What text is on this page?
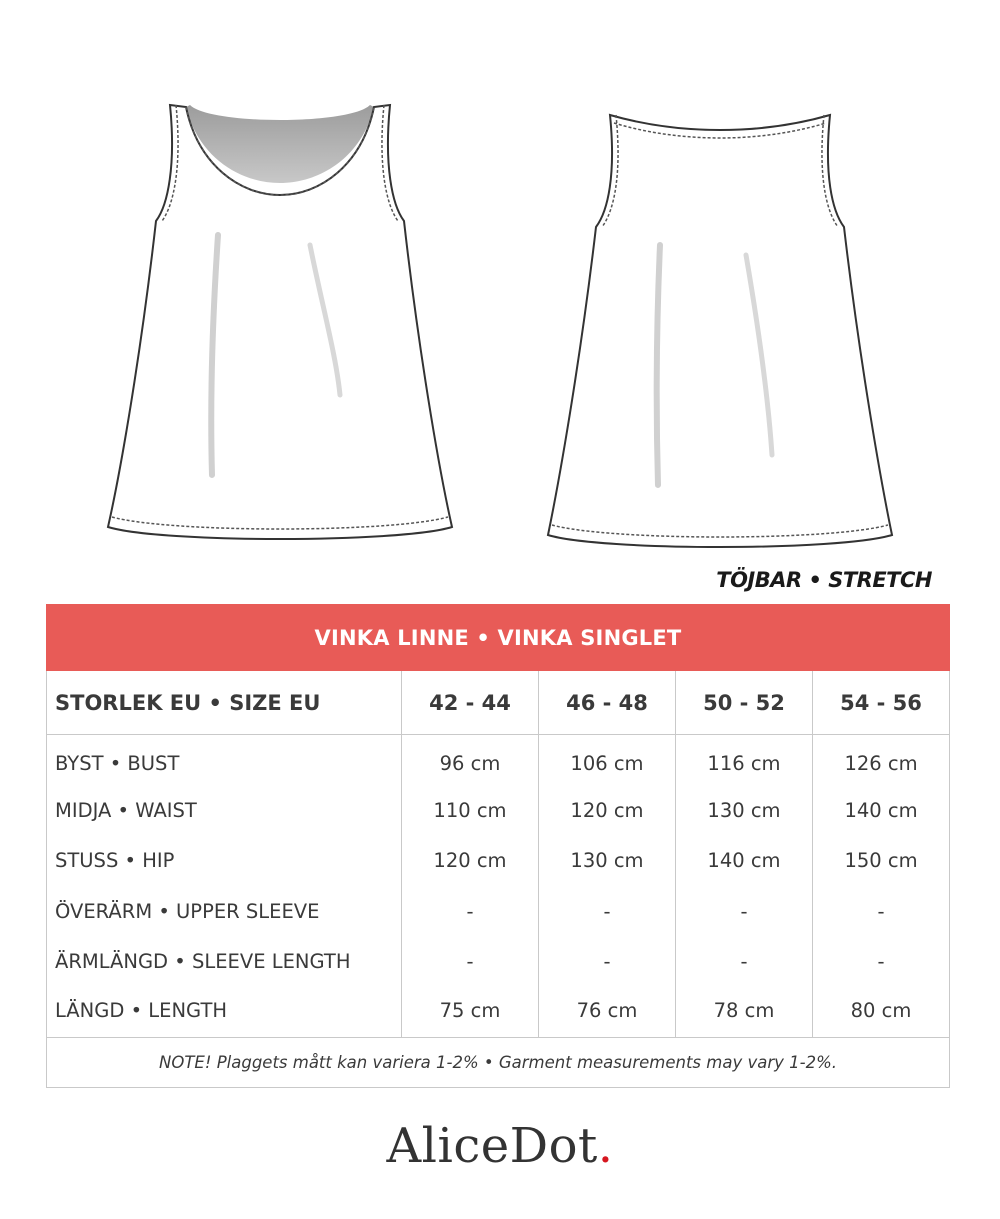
TÖJBAR • STRETCH
VINKA LINNE • VINKA SINGLET				
STORLEK EU • SIZE EU	42 - 44	46 - 48	50 - 52	54 - 56
BYST • BUST	96 cm	106 cm	116 cm	126 cm
MIDJA • WAIST	110 cm	120 cm	130 cm	140 cm
STUSS • HIP	120 cm	130 cm	140 cm	150 cm
ÖVERÄRM • UPPER SLEEVE	-	-	-	-
ÄRMLÄNGD • SLEEVE LENGTH	-	-	-	-
LÄNGD • LENGTH	75 cm	76 cm	78 cm	80 cm
NOTE! Plaggets mått kan variera 1-2% • Garment measurements may vary 1-2%.				
AliceDot.
